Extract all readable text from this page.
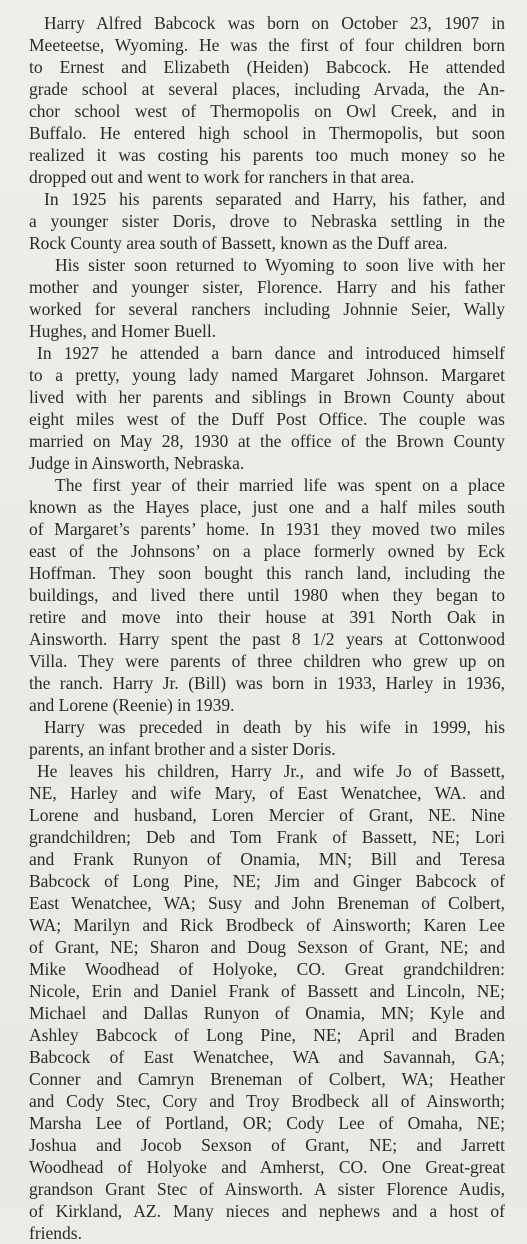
Harry Alfred Babcock was born on October 23, 1907 in
Meeteetse, Wyoming. He was the first of four children born
to Ernest and Elizabeth (Heiden) Babcock. He attended
grade school at several places, including Arvada, the An-
chor school west of Thermopolis on Owl Creek, and in
Buffalo. He entered high school in Thermopolis, but soon
realized it was costing his parents too much money so he
dropped out and went to work for ranchers in that area.
In 1925 his parents separated and Harry, his father, and
a younger sister Doris, drove to Nebraska settling in the
Rock County area south of Bassett, known as the Duff area.
His sister soon returned to Wyoming to soon live with her
mother and younger sister, Florence. Harry and his father
worked for several ranchers including Johnnie Seier, Wally
Hughes, and Homer Buell.
In 1927 he attended a barn dance and introduced himself
to a pretty, young lady named Margaret Johnson. Margaret
lived with her parents and siblings in Brown County about
eight miles west of the Duff Post Office. The couple was
married on May 28, 1930 at the office of the Brown County
Judge in Ainsworth, Nebraska.
The first year of their married life was spent on a place
known as the Hayes place, just one and a half miles south
of Margaret’s parents’ home. In 1931 they moved two miles
east of the Johnsons’ on a place formerly owned by Eck
Hoffman. They soon bought this ranch land, including the
buildings, and lived there until 1980 when they began to
retire and move into their house at 391 North Oak in
Ainsworth. Harry spent the past 8 1/2 years at Cottonwood
Villa. They were parents of three children who grew up on
the ranch. Harry Jr. (Bill) was born in 1933, Harley in 1936,
and Lorene (Reenie) in 1939.
Harry was preceded in death by his wife in 1999, his
parents, an infant brother and a sister Doris.
He leaves his children, Harry Jr., and wife Jo of Bassett,
NE, Harley and wife Mary, of East Wenatchee, WA. and
Lorene and husband, Loren Mercier of Grant, NE. Nine
grandchildren; Deb and Tom Frank of Bassett, NE; Lori
and Frank Runyon of Onamia, MN; Bill and Teresa
Babcock of Long Pine, NE; Jim and Ginger Babcock of
East Wenatchee, WA; Susy and John Breneman of Colbert,
WA; Marilyn and Rick Brodbeck of Ainsworth; Karen Lee
of Grant, NE; Sharon and Doug Sexson of Grant, NE; and
Mike Woodhead of Holyoke, CO. Great grandchildren:
Nicole, Erin and Daniel Frank of Bassett and Lincoln, NE;
Michael and Dallas Runyon of Onamia, MN; Kyle and
Ashley Babcock of Long Pine, NE; April and Braden
Babcock of East Wenatchee, WA and Savannah, GA;
Conner and Camryn Breneman of Colbert, WA; Heather
and Cody Stec, Cory and Troy Brodbeck all of Ainsworth;
Marsha Lee of Portland, OR; Cody Lee of Omaha, NE;
Joshua and Jocob Sexson of Grant, NE; and Jarrett
Woodhead of Holyoke and Amherst, CO. One Great-great
grandson Grant Stec of Ainsworth. A sister Florence Audis,
of Kirkland, AZ. Many nieces and nephews and a host of
friends.
